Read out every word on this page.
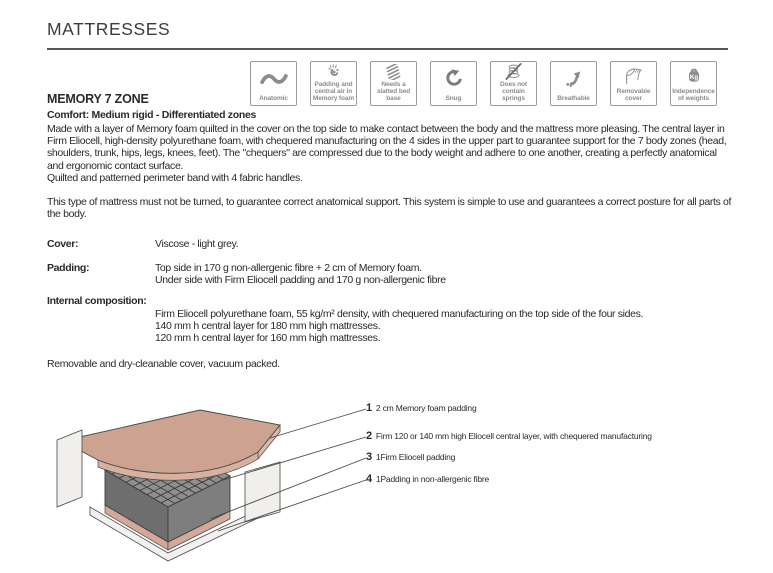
MATTRESSES
Anatomic
Padding and central air in Memory foam
Needs a slatted bed base	Snug
Does not contain springs	Breathable
Removable cover
Kg
Independence of weights
MEMORY 7 ZONE
Comfort: Medium rigid - Differentiated zones
Made with a layer of Memory foam quilted in the cover on the top side to make contact between the body and the mattress more pleasing. The central layer in Firm Eliocell, high-density polyurethane foam, with chequered manufacturing on the 4 sides in the upper part to guarantee support for the 7 body zones (head, shoulders, trunk, hips, legs, knees, feet). The "chequers" are compressed due to the body weight and adhere to one another, creating a perfectly anatomical and ergonomic contact surface.
Quilted and patterned perimeter band with 4 fabric handles.
This type of mattress must not be turned, to guarantee correct anatomical support. This system is simple to use and guarantees a correct posture for all parts of the body.
Cover:	Viscose - light grey.
Padding:	Top side in 170 g non-allergenic fibre + 2 cm of Memory foam.
Under side with Firm Eliocell padding and 170 g non-allergenic fibre
Internal composition:
Firm Eliocell polyurethane foam, 55 kg/m² density, with chequered manufacturing on the top side of the four sides.
140 mm h central layer for 180 mm high mattresses.
120 mm h central layer for 160 mm high mattresses.
Removable and dry-cleanable cover, vacuum packed.
1 2 cm Memory foam padding
2 Firm 120 or 140 mm high Eliocell central layer, with chequered manufacturing
3 1Firm Eliocell padding
4 1Padding in non-allergenic fibre
